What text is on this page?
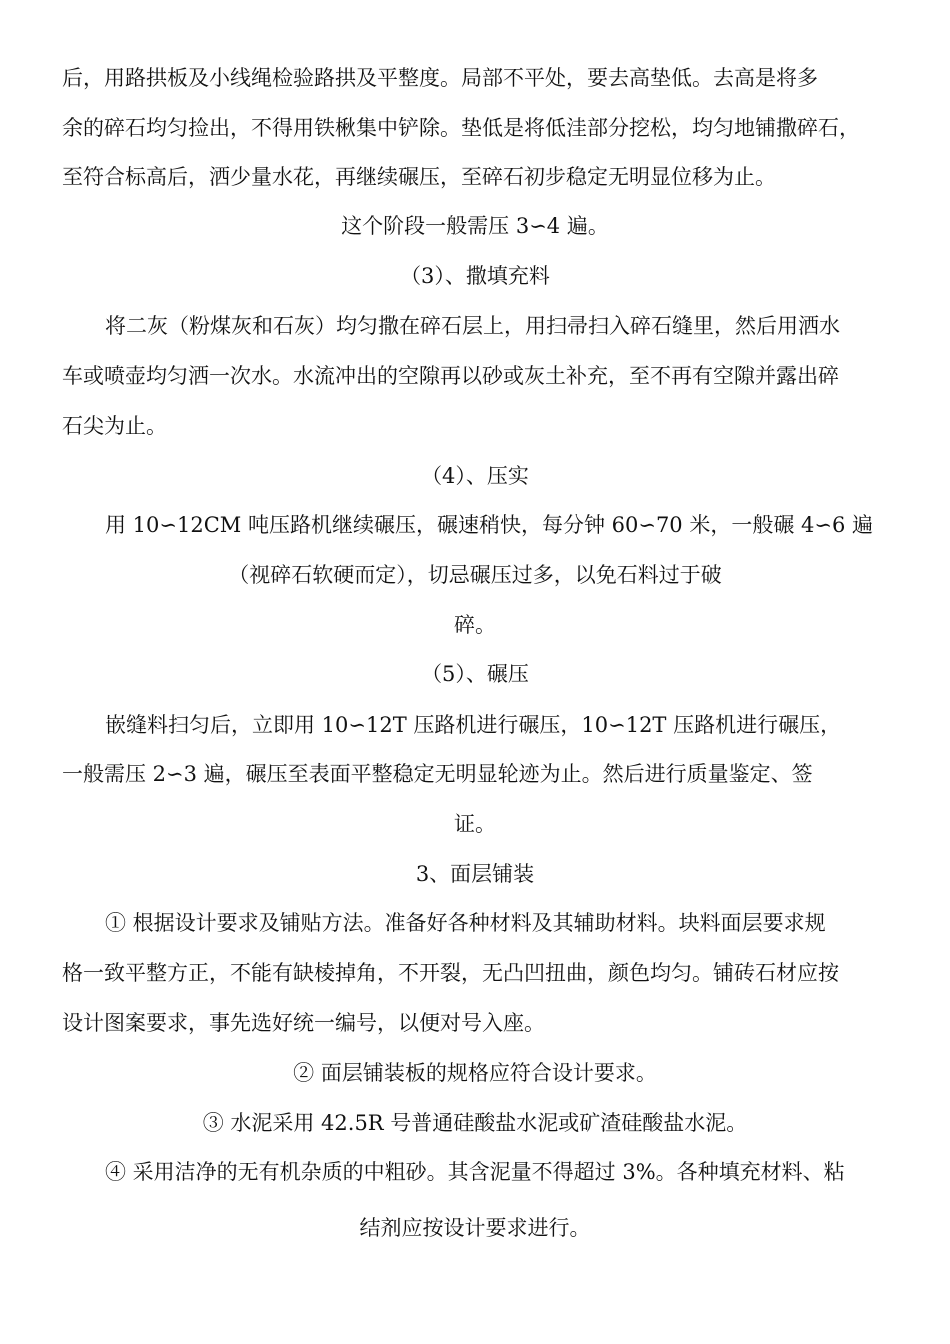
后，用路拱板及小线绳检验路拱及平整度。局部不平处，要去高垫低。去高是将多
余的碎石均匀捡出，不得用铁楸集中铲除。垫低是将低洼部分挖松，均匀地铺撒碎石，
至符合标高后，洒少量水花，再继续碾压，至碎石初步稳定无明显位移为止。
这个阶段一般需压 3∽4 遍。
（3）、撒填充料
将二灰（粉煤灰和石灰）均匀撒在碎石层上，用扫帚扫入碎石缝里，然后用洒水
车或喷壶均匀洒一次水。水流冲出的空隙再以砂或灰土补充，至不再有空隙并露出碎
石尖为止。
（4）、压实
用 10∽12CM 吨压路机继续碾压，碾速稍快，每分钟 60∽70 米，一般碾 4∽6 遍
（视碎石软硬而定），切忌碾压过多，以免石料过于破
碎。
（5）、碾压
嵌缝料扫匀后，立即用 10∽12T 压路机进行碾压，10∽12T 压路机进行碾压，
一般需压 2∽3 遍，碾压至表面平整稳定无明显轮迹为止。然后进行质量鉴定、签
证。
3、面层铺装
① 根据设计要求及铺贴方法。准备好各种材料及其辅助材料。块料面层要求规
格一致平整方正，不能有缺棱掉角，不开裂，无凸凹扭曲，颜色均匀。铺砖石材应按
设计图案要求，事先选好统一编号，以便对号入座。
② 面层铺装板的规格应符合设计要求。
③ 水泥采用 42.5R 号普通硅酸盐水泥或矿渣硅酸盐水泥。
④ 采用洁净的无有机杂质的中粗砂。其含泥量不得超过 3%。各种填充材料、粘
结剂应按设计要求进行。
